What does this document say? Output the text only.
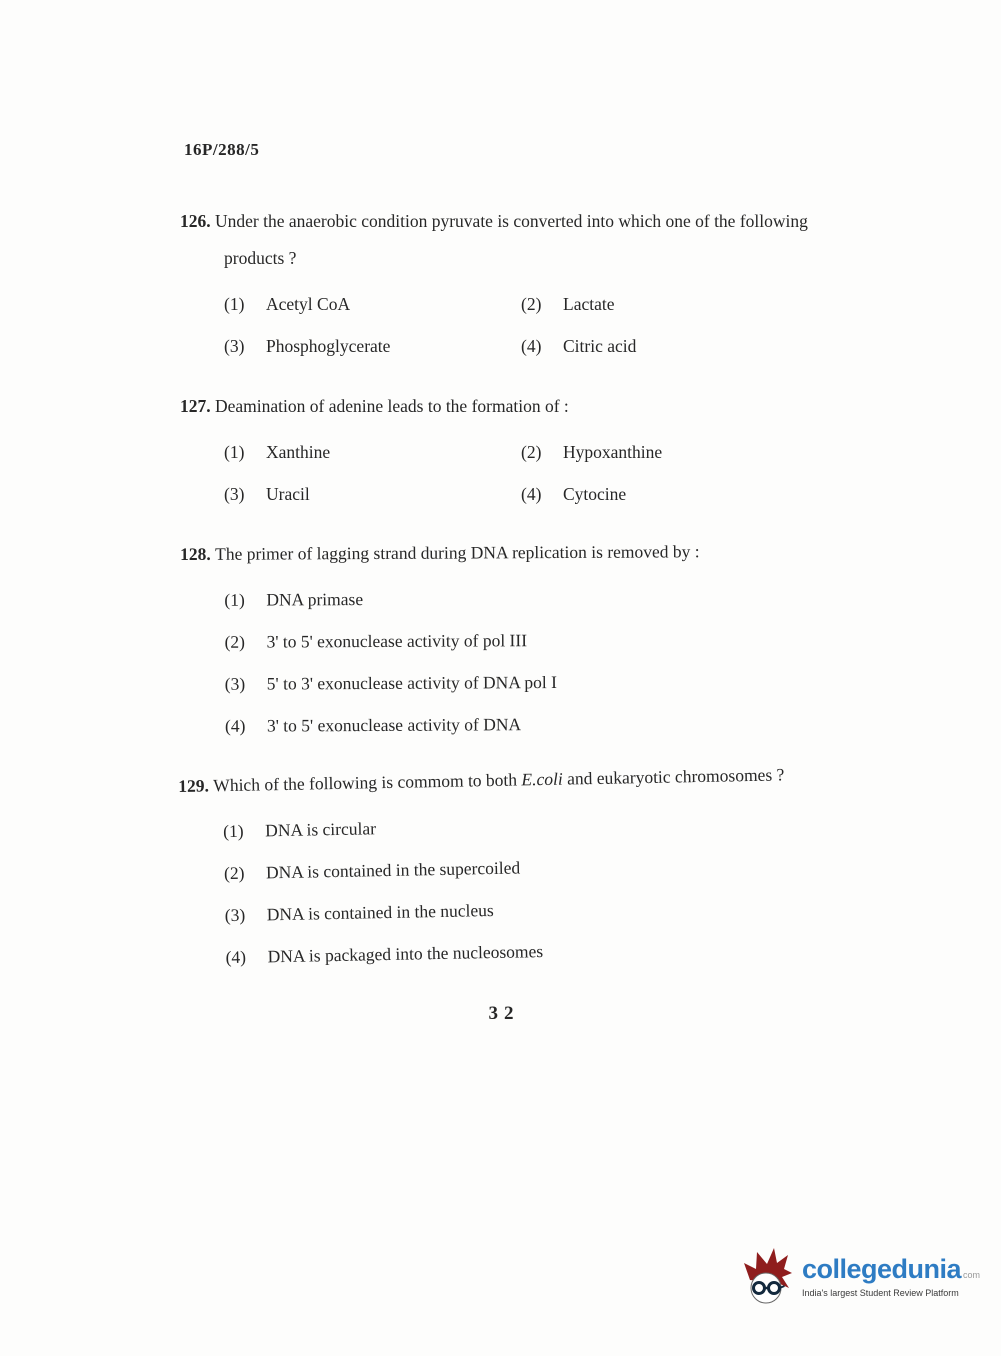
16P/288/5
126. Under the anaerobic condition pyruvate is converted into which one of the following products ?
(1) Acetyl CoA	(2) Lactate
(3) Phosphoglycerate	(4) Citric acid
127. Deamination of adenine leads to the formation of :
(1) Xanthine	(2) Hypoxanthine
(3) Uracil	(4) Cytocine
128. The primer of lagging strand during DNA replication is removed by :
(1) DNA primase
(2) 3' to 5' exonuclease activity of pol III
(3) 5' to 3' exonuclease activity of DNA pol I
(4) 3' to 5' exonuclease activity of DNA
129. Which of the following is commom to both E.coli and eukaryotic chromosomes ?
(1) DNA is circular
(2) DNA is contained in the supercoiled
(3) DNA is contained in the nucleus
(4) DNA is packaged into the nucleosomes
32
collegedunia com
India's largest Student Review Platform
